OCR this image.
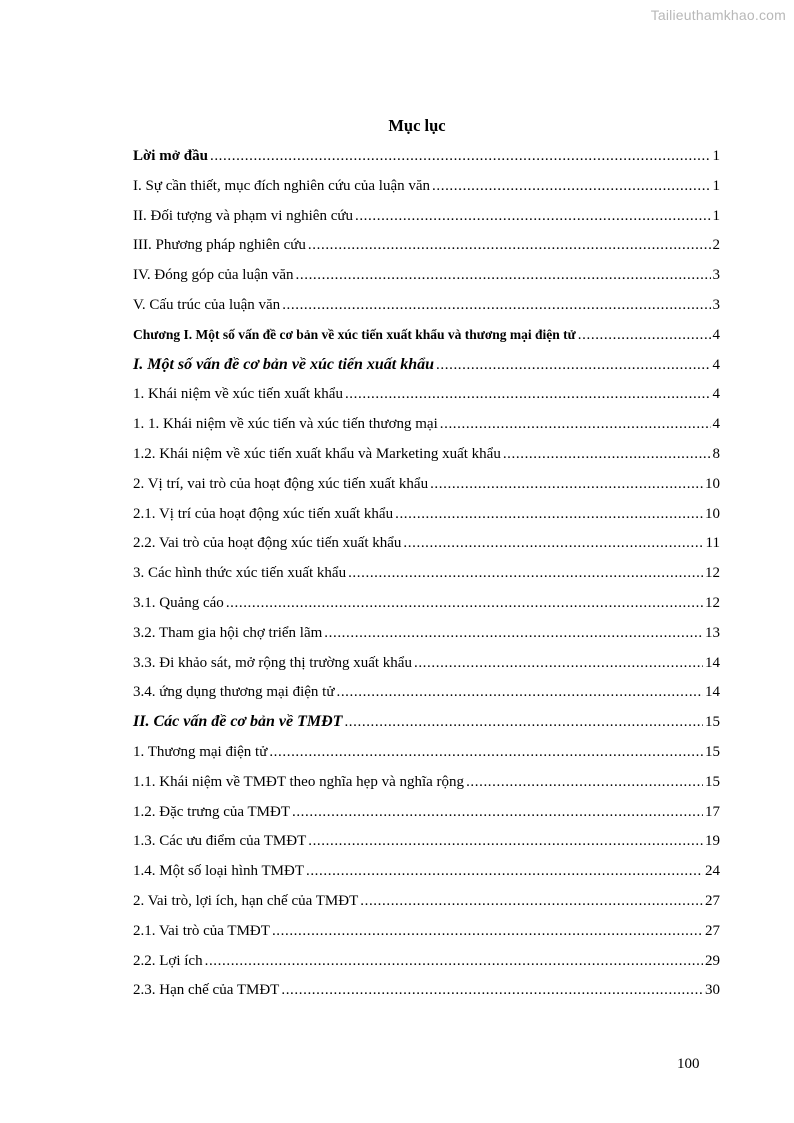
Tailieuthamkhao.com
Mục lục
Lời mở đầu .....	1
I. Sự cần thiết, mục đích nghiên cứu của luận văn .....	1
II. Đối tượng và phạm vi nghiên cứu .....	1
III. Phương pháp nghiên cứu .....	2
IV. Đóng góp của luận văn .....	3
V. Cấu trúc của luận văn .....	3
Chương I. Một số vấn đề cơ bản về xúc tiến xuất khẩu và thương mại điện tử .....	4
I. Một số vấn đề cơ bản về xúc tiến xuất khẩu .....	4
1. Khái niệm về xúc tiến xuất khẩu .....	4
1. 1. Khái niệm về xúc tiến và xúc tiến thương mại .....	4
1.2. Khái niệm về xúc tiến xuất khẩu và Marketing xuất khẩu .....	8
2. Vị trí, vai trò của hoạt động xúc tiến xuất khẩu .....	10
2.1. Vị trí của hoạt động xúc tiến xuất khẩu .....	10
2.2. Vai trò của hoạt động xúc tiến xuất khẩu .....	11
3. Các hình thức xúc tiến xuất khẩu .....	12
3.1. Quảng cáo .....	12
3.2. Tham gia hội chợ triển lãm .....	13
3.3. Đi khảo sát, mở rộng thị trường xuất khẩu .....	14
3.4. ứng dụng thương mại điện tử .....	14
II. Các vấn đề cơ bản về TMĐT .....	15
1. Thương mại điện tử .....	15
1.1. Khái niệm về TMĐT theo nghĩa hẹp và nghĩa rộng .....	15
1.2. Đặc trưng của TMĐT .....	17
1.3. Các ưu điểm của TMĐT .....	19
1.4. Một số loại hình TMĐT .....	24
2. Vai trò, lợi ích, hạn chế của TMĐT .....	27
2.1. Vai trò của TMĐT .....	27
2.2. Lợi ích .....	29
2.3. Hạn chế của TMĐT .....	30
100
